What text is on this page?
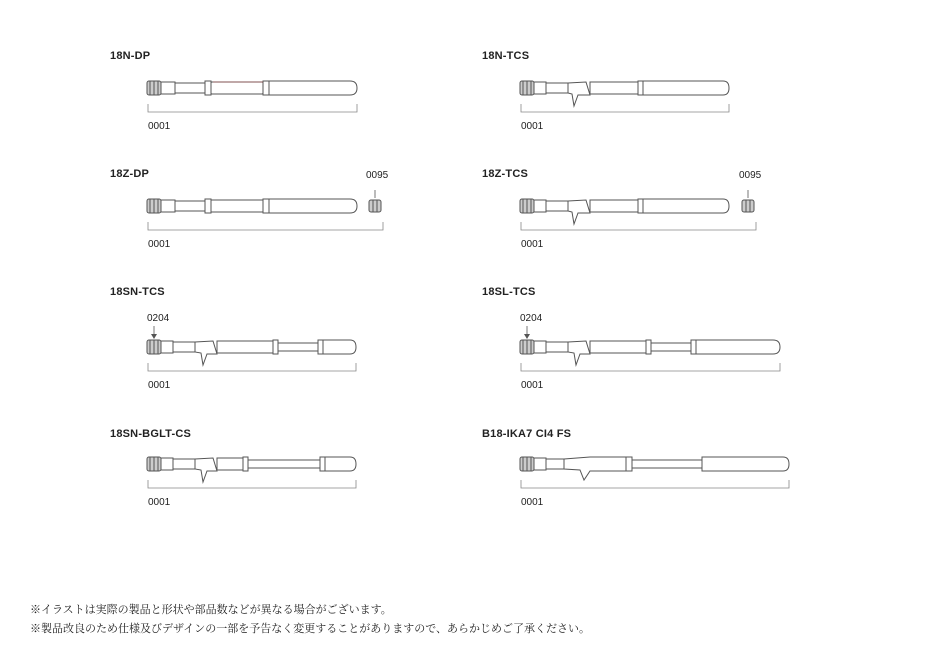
18N-DP
0001
18N-TCS
0001
18Z-DP	0095
0001
18Z-TCS	0095
0001
18SN-TCS
0204
0001
18SL-TCS
0204
0001
18SN-BGLT-CS
0001
B18-IKA7 CI4 FS
0001
※イラストは実際の製品と形状や部品数などが異なる場合がございます。
※製品改良のため仕様及びデザインの一部を予告なく変更することがありますので、あらかじめご了承ください。
